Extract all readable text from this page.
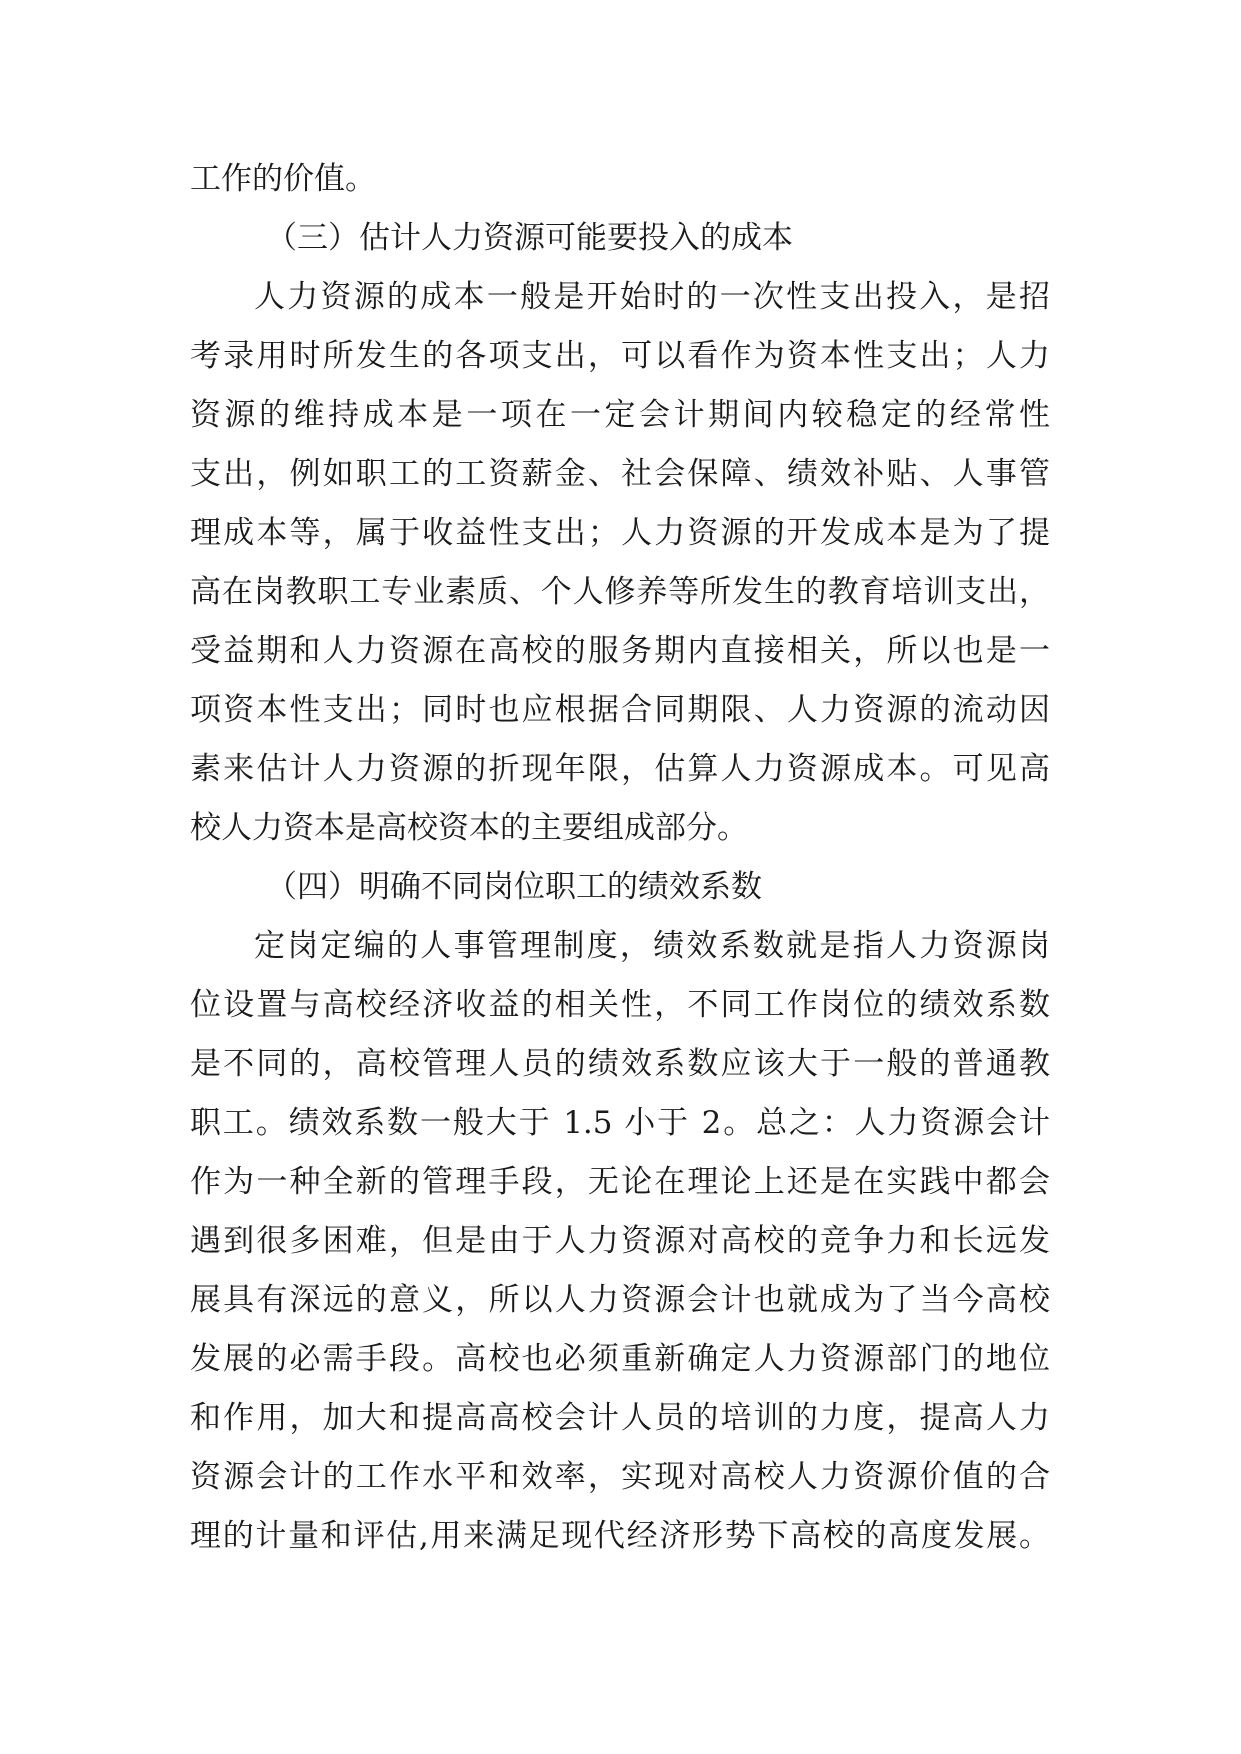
工作的价值。
（三）估计人力资源可能要投入的成本
人力资源的成本一般是开始时的一次性支出投入，是招
考录用时所发生的各项支出，可以看作为资本性支出；人力
资源的维持成本是一项在一定会计期间内较稳定的经常性
支出，例如职工的工资薪金、社会保障、绩效补贴、人事管
理成本等，属于收益性支出；人力资源的开发成本是为了提
高在岗教职工专业素质、个人修养等所发生的教育培训支出，
受益期和人力资源在高校的服务期内直接相关，所以也是一
项资本性支出；同时也应根据合同期限、人力资源的流动因
素来估计人力资源的折现年限，估算人力资源成本。可见高
校人力资本是高校资本的主要组成部分。
（四）明确不同岗位职工的绩效系数
定岗定编的人事管理制度，绩效系数就是指人力资源岗
位设置与高校经济收益的相关性，不同工作岗位的绩效系数
是不同的，高校管理人员的绩效系数应该大于一般的普通教
职工。绩效系数一般大于 1.5 小于 2。总之：人力资源会计
作为一种全新的管理手段，无论在理论上还是在实践中都会
遇到很多困难，但是由于人力资源对高校的竞争力和长远发
展具有深远的意义，所以人力资源会计也就成为了当今高校
发展的必需手段。高校也必须重新确定人力资源部门的地位
和作用，加大和提高高校会计人员的培训的力度，提高人力
资源会计的工作水平和效率，实现对高校人力资源价值的合
理的计量和评估,用来满足现代经济形势下高校的高度发展。
